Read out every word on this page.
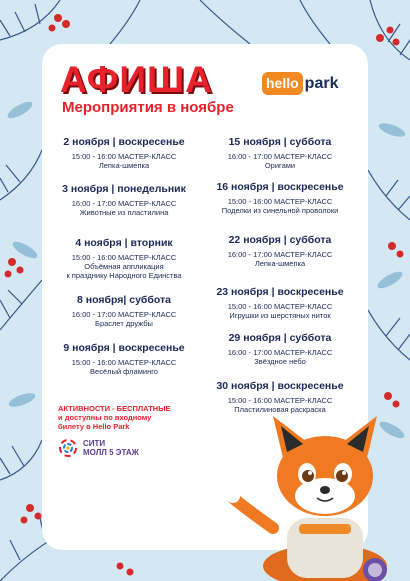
АФИША
Мероприятия в ноябре
hello park
2 ноября | воскресенье
15:00 - 16:00 МАСТЕР-КЛАСС
Лепка-шмепка
3 ноября | понедельник
16:00 - 17:00 МАСТЕР-КЛАСС
Животные из пластилина
4 ноября | вторник
15:00 - 16:00 МАСТЕР-КЛАСС
Объёмная аппликация
к празднику Народного Единства
8 ноября| суббота
16:00 - 17:00 МАСТЕР-КЛАСС
Браслет дружбы
9 ноября | воскресенье
15:00 - 16:00 МАСТЕР-КЛАСС
Весёлый фламинго
15 ноября | суббота
16:00 - 17:00 МАСТЕР-КЛАСС
Оригами
16 ноября | воскресенье
15:00 - 16:00 МАСТЕР-КЛАСС
Поделки из синельной проволоки
22 ноября | суббота
16:00 - 17:00 МАСТЕР-КЛАСС
Лепка-шмепка
23 ноября | воскресенье
15:00 - 16:00 МАСТЕР-КЛАСС
Игрушки из шерстяных ниток
29 ноября | суббота
16:00 - 17:00 МАСТЕР-КЛАСС
Звёздное небо
30 ноября | воскресенье
15:00 - 16:00 МАСТЕР-КЛАСС
Пластилиновая раскраска
АКТИВНОСТИ - БЕСПЛАТНЫЕ
и доступны по входному
билету в Hello Park
СИТИ
МОЛЛ 5 ЭТАЖ
